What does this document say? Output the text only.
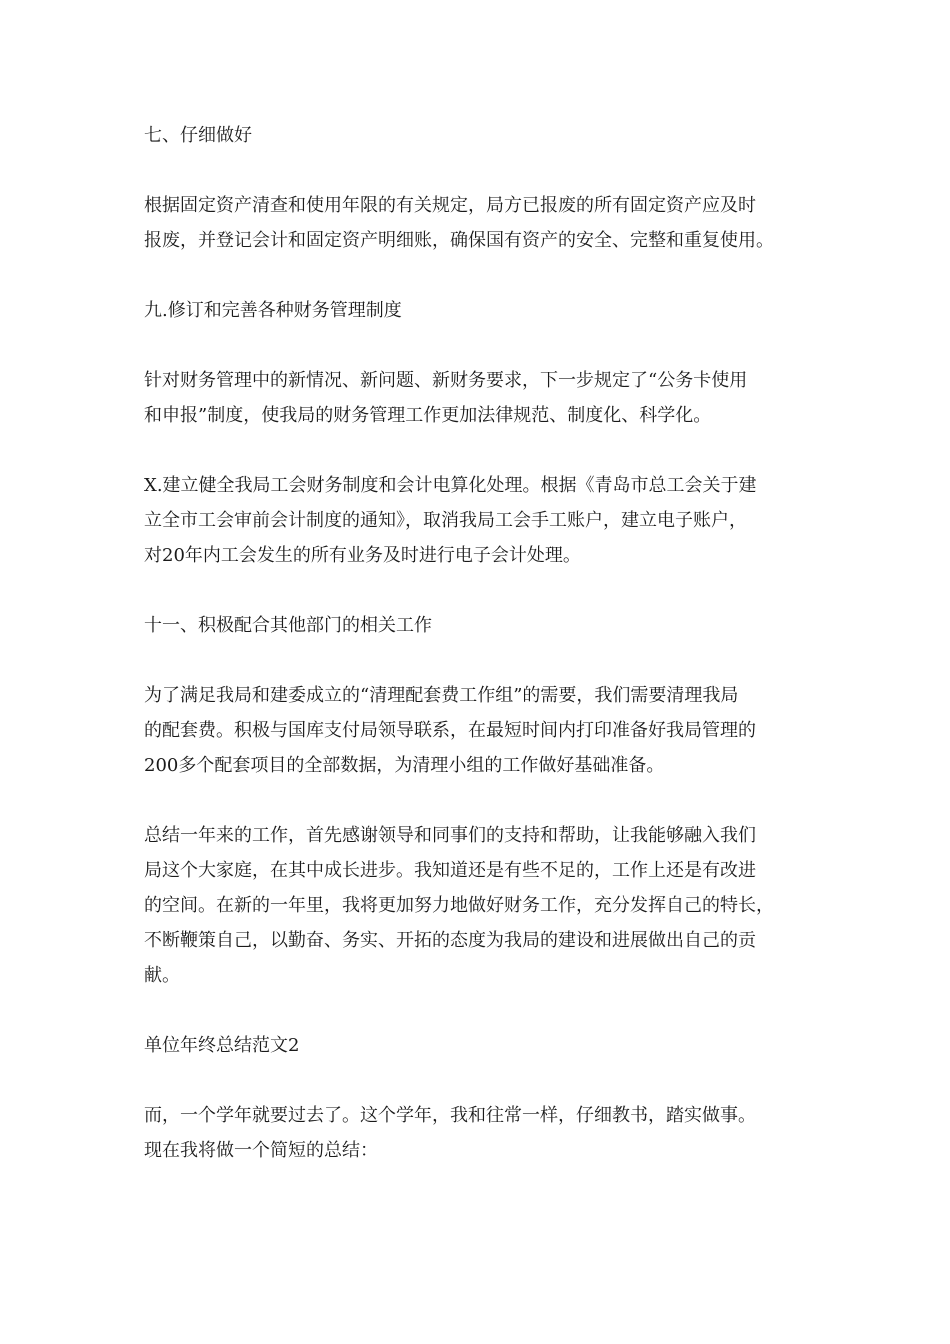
七、仔细做好

根据固定资产清查和使用年限的有关规定，局方已报废的所有固定资产应及时
报废，并登记会计和固定资产明细账，确保国有资产的安全、完整和重复使用。

九.修订和完善各种财务管理制度

针对财务管理中的新情况、新问题、新财务要求，下一步规定了“公务卡使用
和申报”制度，使我局的财务管理工作更加法律规范、制度化、科学化。

X.建立健全我局工会财务制度和会计电算化处理。根据《青岛市总工会关于建
立全市工会审前会计制度的通知》，取消我局工会手工账户，建立电子账户，
对20年内工会发生的所有业务及时进行电子会计处理。

十一、积极配合其他部门的相关工作

为了满足我局和建委成立的“清理配套费工作组”的需要，我们需要清理我局
的配套费。积极与国库支付局领导联系，在最短时间内打印准备好我局管理的
200多个配套项目的全部数据，为清理小组的工作做好基础准备。

总结一年来的工作，首先感谢领导和同事们的支持和帮助，让我能够融入我们
局这个大家庭，在其中成长进步。我知道还是有些不足的，工作上还是有改进
的空间。在新的一年里，我将更加努力地做好财务工作，充分发挥自己的特长，
不断鞭策自己，以勤奋、务实、开拓的态度为我局的建设和进展做出自己的贡
献。

单位年终总结范文2

而，一个学年就要过去了。这个学年，我和往常一样，仔细教书，踏实做事。
现在我将做一个简短的总结：
